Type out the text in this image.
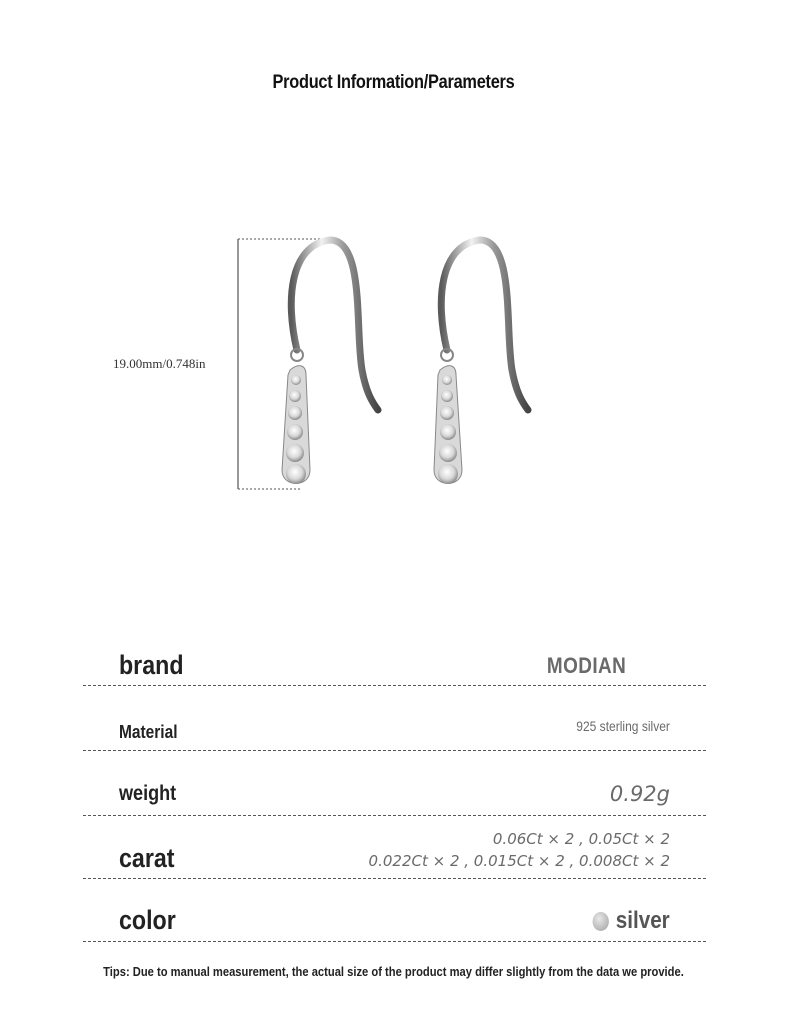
Product Information/Parameters
19.00mm/0.748in
brand	MODIAN
Material	925 sterling silver
weight	0.92g
carat
0.06Ct × 2 , 0.05Ct × 2
0.022Ct × 2 , 0.015Ct × 2 , 0.008Ct × 2
color	silver
Tips: Due to manual measurement, the actual size of the product may differ slightly from the data we provide.
